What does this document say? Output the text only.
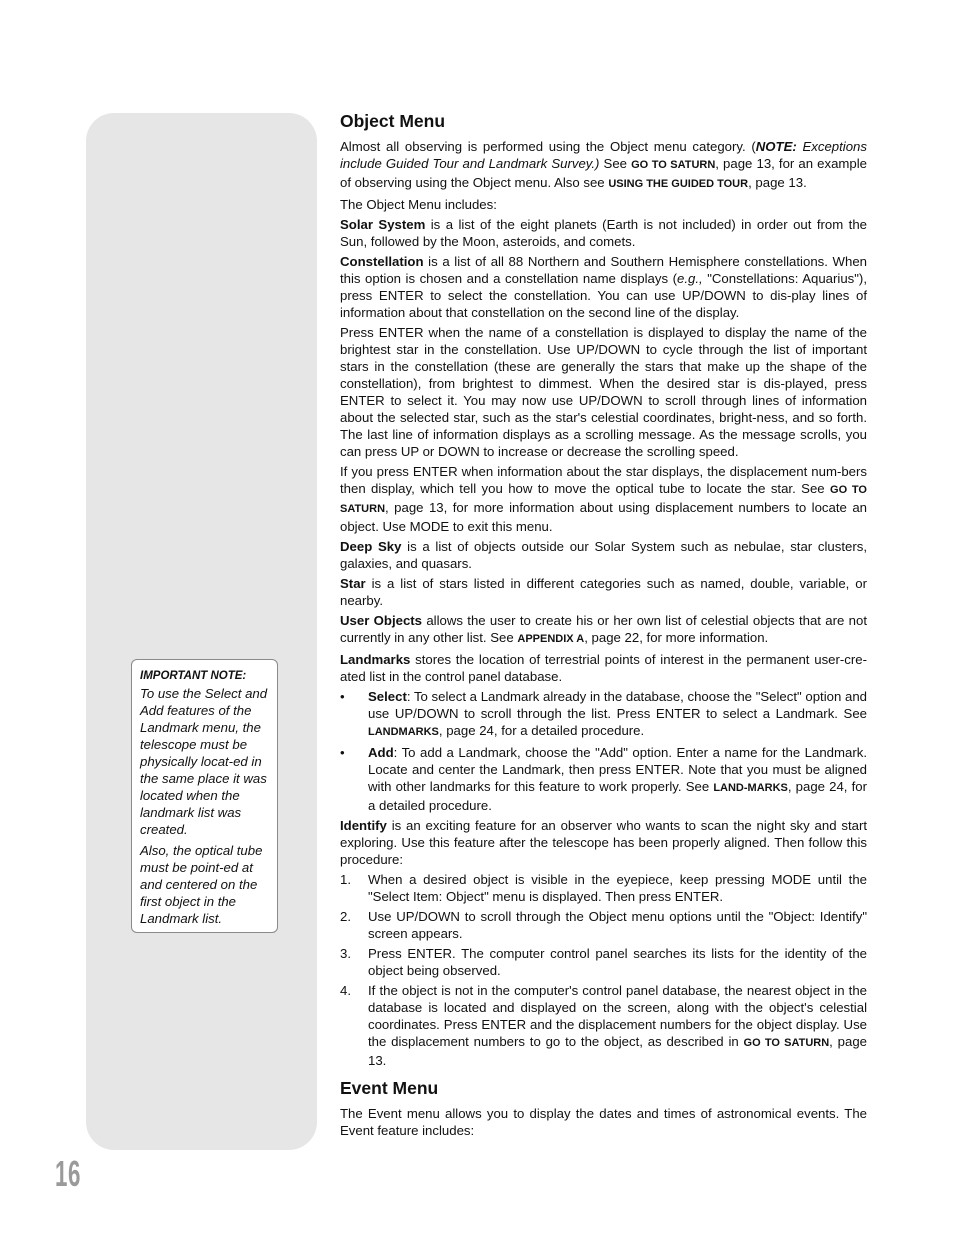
IMPORTANT NOTE:
To use the Select and Add features of the Landmark menu, the telescope must be physically locat-ed in the same place it was located when the landmark list was created.

Also, the optical tube must be point-ed at and centered on the first object in the Landmark list.

Object Menu

Almost all observing is performed using the Object menu category. (NOTE: Exceptions include Guided Tour and Landmark Survey.) See GO TO SATURN, page 13, for an example of observing using the Object menu. Also see USING THE GUIDED TOUR, page 13.

The Object Menu includes:

Solar System is a list of the eight planets (Earth is not included) in order out from the Sun, followed by the Moon, asteroids, and comets.

Constellation is a list of all 88 Northern and Southern Hemisphere constellations. When this option is chosen and a constellation name displays (e.g., "Constellations: Aquarius"), press ENTER to select the constellation. You can use UP/DOWN to dis-play lines of information about that constellation on the second line of the display.

Press ENTER when the name of a constellation is displayed to display the name of the brightest star in the constellation. Use UP/DOWN to cycle through the list of important stars in the constellation (these are generally the stars that make up the shape of the constellation), from brightest to dimmest. When the desired star is dis-played, press ENTER to select it. You may now use UP/DOWN to scroll through lines of information about the selected star, such as the star's celestial coordinates, bright-ness, and so forth. The last line of information displays as a scrolling message. As the message scrolls, you can press UP or DOWN to increase or decrease the scrolling speed.

If you press ENTER when information about the star displays, the displacement num-bers then display, which tell you how to move the optical tube to locate the star. See GO TO SATURN, page 13, for more information about using displacement numbers to locate an object. Use MODE to exit this menu.

Deep Sky is a list of objects outside our Solar System such as nebulae, star clusters, galaxies, and quasars.

Star is a list of stars listed in different categories such as named, double, variable, or nearby.

User Objects allows the user to create his or her own list of celestial objects that are not currently in any other list. See APPENDIX A, page 22, for more information.

Landmarks stores the location of terrestrial points of interest in the permanent user-cre-ated list in the control panel database.

• Select: To select a Landmark already in the database, choose the "Select" option and use UP/DOWN to scroll through the list. Press ENTER to select a Landmark. See LANDMARKS, page 24, for a detailed procedure.
• Add: To add a Landmark, choose the "Add" option. Enter a name for the Landmark. Locate and center the Landmark, then press ENTER. Note that you must be aligned with other landmarks for this feature to work properly. See LAND-MARKS, page 24, for a detailed procedure.

Identify is an exciting feature for an observer who wants to scan the night sky and start exploring. Use this feature after the telescope has been properly aligned. Then follow this procedure:

1. When a desired object is visible in the eyepiece, keep pressing MODE until the "Select Item: Object" menu is displayed. Then press ENTER.
2. Use UP/DOWN to scroll through the Object menu options until the "Object: Identify" screen appears.
3. Press ENTER. The computer control panel searches its lists for the identity of the object being observed.
4. If the object is not in the computer's control panel database, the nearest object in the database is located and displayed on the screen, along with the object's celestial coordinates. Press ENTER and the displacement numbers for the object display. Use the displacement numbers to go to the object, as described in GO TO SATURN, page 13.
Event Menu

The Event menu allows you to display the dates and times of astronomical events. The Event feature includes:

16
